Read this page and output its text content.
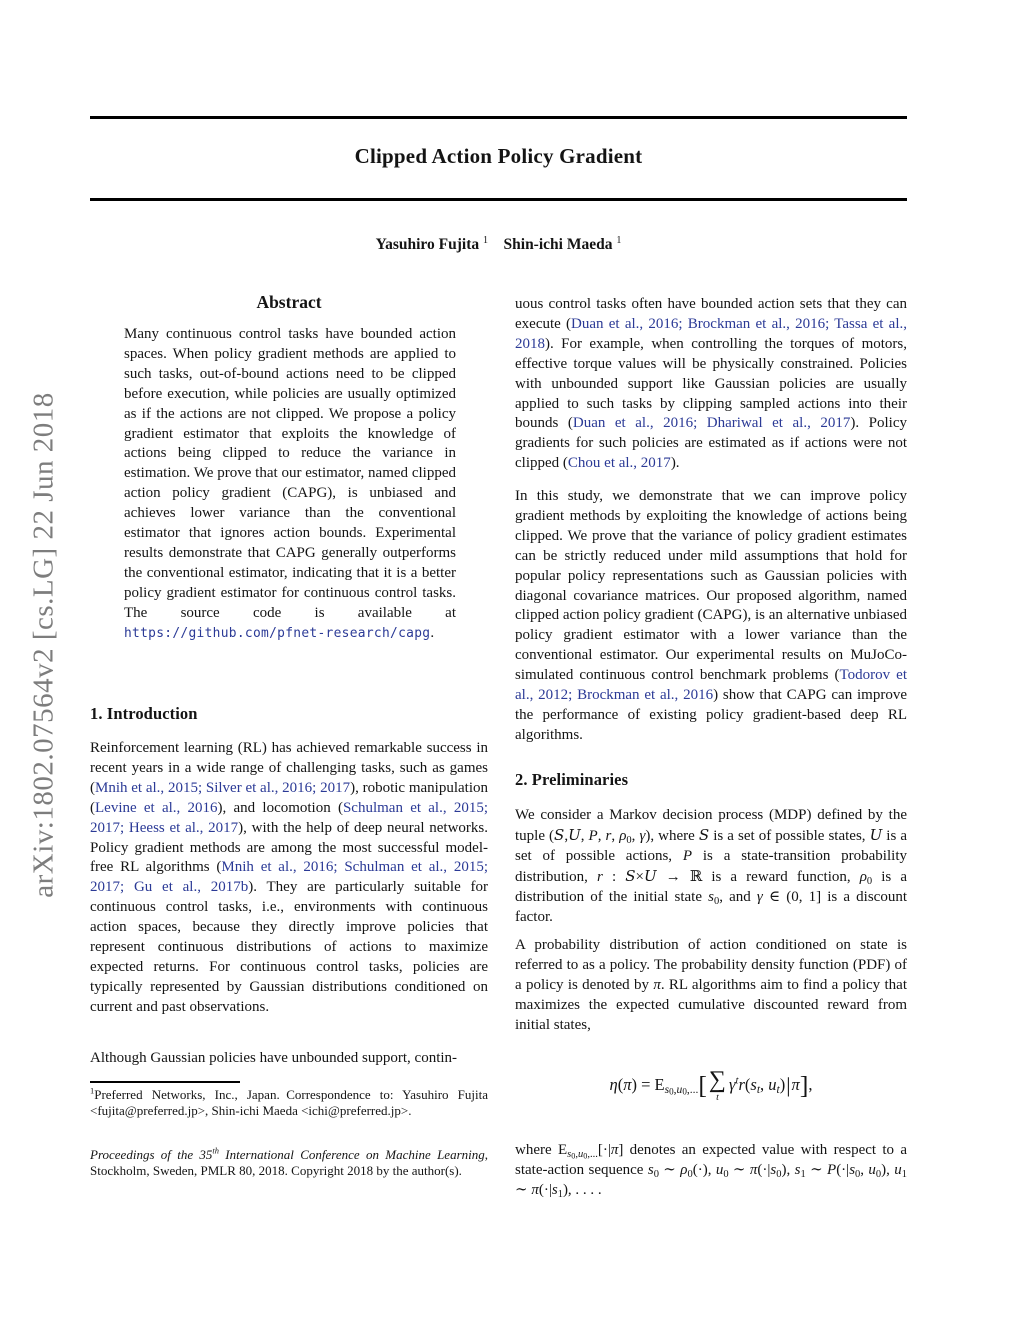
arXiv:1802.07564v2 [cs.LG] 22 Jun 2018
Clipped Action Policy Gradient
Yasuhiro Fujita $^1$  Shin-ichi Maeda $^1$
Abstract
Many continuous control tasks have bounded action spaces. When policy gradient methods are applied to such tasks, out-of-bound actions need to be clipped before execution, while policies are usually optimized as if the actions are not clipped. We propose a policy gradient estimator that exploits the knowledge of actions being clipped to reduce the variance in estimation. We prove that our estimator, named clipped action policy gradient (CAPG), is unbiased and achieves lower variance than the conventional estimator that ignores action bounds. Experimental results demonstrate that CAPG generally outperforms the conventional estimator, indicating that it is a better policy gradient estimator for continuous control tasks. The source code is available at https://github.com/pfnet-research/capg.
1. Introduction
Reinforcement learning (RL) has achieved remarkable success in recent years in a wide range of challenging tasks, such as games (Mnih et al., 2015; Silver et al., 2016; 2017), robotic manipulation (Levine et al., 2016), and locomotion (Schulman et al., 2015; 2017; Heess et al., 2017), with the help of deep neural networks. Policy gradient methods are among the most successful model-free RL algorithms (Mnih et al., 2016; Schulman et al., 2015; 2017; Gu et al., 2017b). They are particularly suitable for continuous control tasks, i.e., environments with continuous action spaces, because they directly improve policies that represent continuous distributions of actions to maximize expected returns. For continuous control tasks, policies are typically represented by Gaussian distributions conditioned on current and past observations.
Although Gaussian policies have unbounded support, contin-
$^1$Preferred Networks, Inc., Japan. Correspondence to: Yasuhiro Fujita <fujita@preferred.jp>, Shin-ichi Maeda <ichi@preferred.jp>.
Proceedings of the 35th International Conference on Machine Learning, Stockholm, Sweden, PMLR 80, 2018. Copyright 2018 by the author(s).
uous control tasks often have bounded action sets that they can execute (Duan et al., 2016; Brockman et al., 2016; Tassa et al., 2018). For example, when controlling the torques of motors, effective torque values will be physically constrained. Policies with unbounded support like Gaussian policies are usually applied to such tasks by clipping sampled actions into their bounds (Duan et al., 2016; Dhariwal et al., 2017). Policy gradients for such policies are estimated as if actions were not clipped (Chou et al., 2017).
In this study, we demonstrate that we can improve policy gradient methods by exploiting the knowledge of actions being clipped. We prove that the variance of policy gradient estimates can be strictly reduced under mild assumptions that hold for popular policy representations such as Gaussian policies with diagonal covariance matrices. Our proposed algorithm, named clipped action policy gradient (CAPG), is an alternative unbiased policy gradient estimator with a lower variance than the conventional estimator. Our experimental results on MuJoCo-simulated continuous control benchmark problems (Todorov et al., 2012; Brockman et al., 2016) show that CAPG can improve the performance of existing policy gradient-based deep RL algorithms.
2. Preliminaries
We consider a Markov decision process (MDP) defined by the tuple (S,U, P, r, ρ0, γ), where S is a set of possible states, U is a set of possible actions, P is a state-transition probability distribution, r : S×U → ℝ is a reward function, ρ0 is a distribution of the initial state s0, and γ ∈ (0, 1] is a discount factor.
A probability distribution of action conditioned on state is referred to as a policy. The probability density function (PDF) of a policy is denoted by π. RL algorithms aim to find a policy that maximizes the expected cumulative discounted reward from initial states,
$\eta(\pi) = Es_0,u_0$,...[ ∑
t
$\gamma^tr(st$, ut)|π],
where $Es_0,u_0,...[\cdot|\pi]$ denotes an expected value with respect to a state-action sequence s0 ∼ ρ0(·), u0 ∼ π(·|s0), s1 ∼ P(·|s0, u0), u1 ∼ π(·|s1), . . . .
